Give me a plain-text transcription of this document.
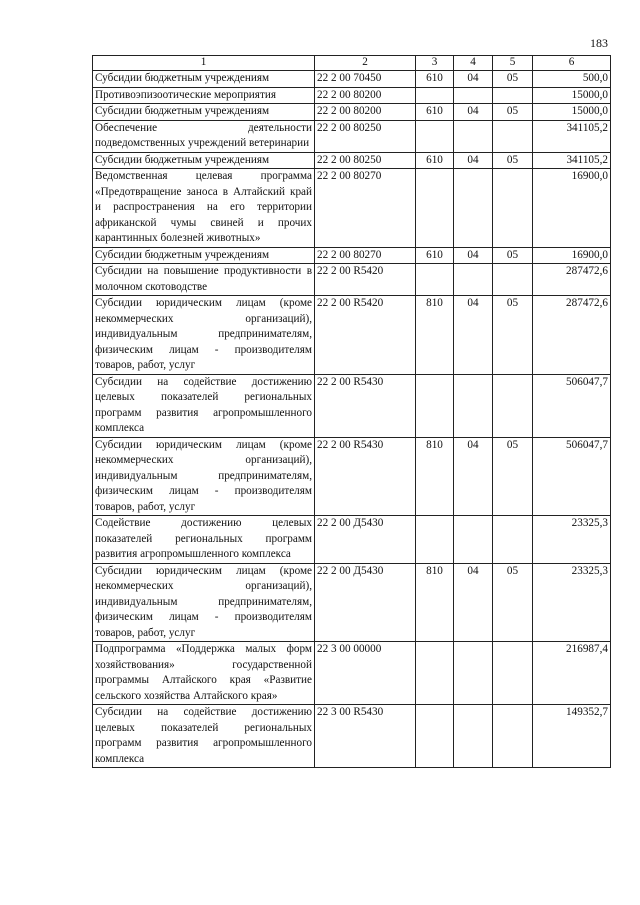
183
1	2	3	4	5	6
Субсидии бюджетным учреждениям	22 2 00 70450	610	04	05	500,0
Противоэпизоотические мероприятия	22 2 00 80200				15000,0
Субсидии бюджетным учреждениям	22 2 00 80200	610	04	05	15000,0
Обеспечение деятельности подведомственных учреждений ветеринарии	22 2 00 80250				341105,2
Субсидии бюджетным учреждениям	22 2 00 80250	610	04	05	341105,2
Ведомственная целевая программа «Предотвращение заноса в Алтайский край и распространения на его территории африканской чумы свиней и прочих карантинных болезней животных»	22 2 00 80270				16900,0
Субсидии бюджетным учреждениям	22 2 00 80270	610	04	05	16900,0
Субсидии на повышение продуктивности в молочном скотоводстве	22 2 00 R5420				287472,6
Субсидии юридическим лицам (кроме некоммерческих организаций), индивидуальным предпринимателям, физическим лицам - производителям товаров, работ, услуг	22 2 00 R5420	810	04	05	287472,6
Субсидии на содействие достижению целевых показателей региональных программ развития агропромышленного комплекса	22 2 00 R5430				506047,7
Субсидии юридическим лицам (кроме некоммерческих организаций), индивидуальным предпринимателям, физическим лицам - производителям товаров, работ, услуг	22 2 00 R5430	810	04	05	506047,7
Содействие достижению целевых показателей региональных программ развития агропромышленного комплекса	22 2 00 Д5430				23325,3
Субсидии юридическим лицам (кроме некоммерческих организаций), индивидуальным предпринимателям, физическим лицам - производителям товаров, работ, услуг	22 2 00 Д5430	810	04	05	23325,3
Подпрограмма «Поддержка малых форм хозяйствования» государственной программы Алтайского края «Развитие сельского хозяйства Алтайского края»	22 3 00 00000				216987,4
Субсидии на содействие достижению целевых показателей региональных программ развития агропромышленного комплекса	22 3 00 R5430				149352,7
